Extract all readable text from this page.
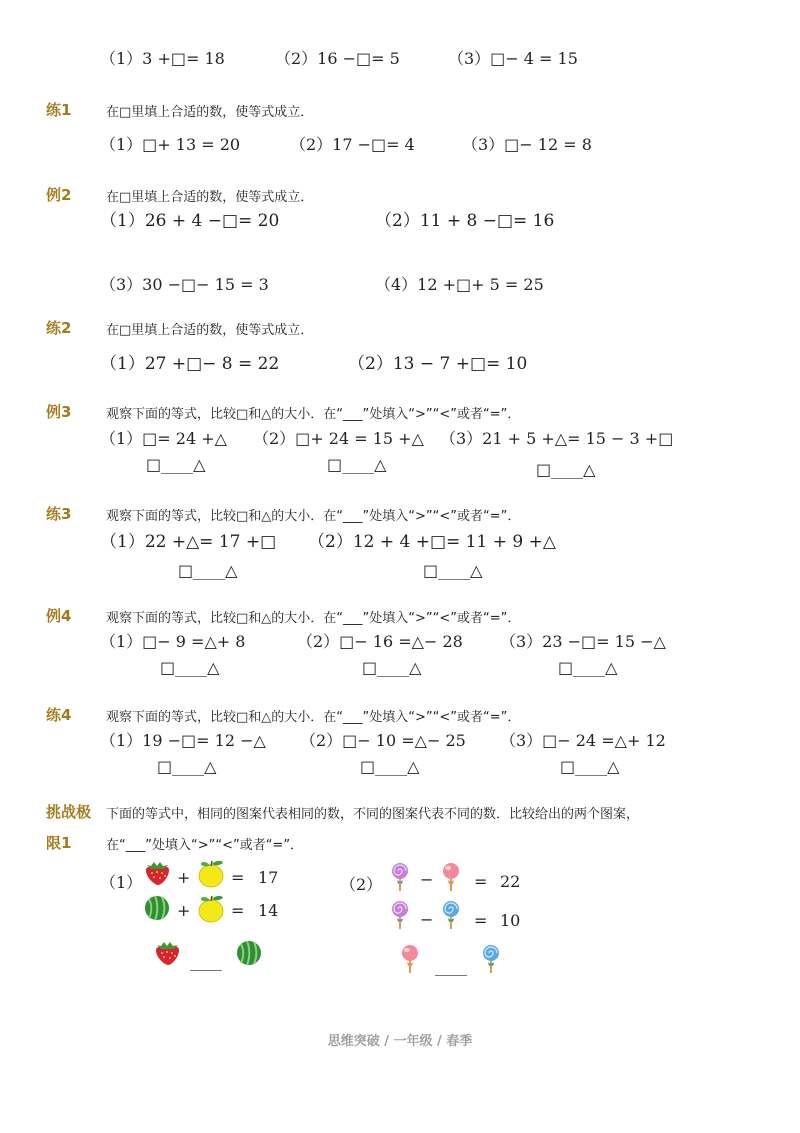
（1）3 +□= 18	（2）16 −□= 5	（3）□− 4 = 15
练1	在□里填上合适的数，使等式成立．
（1）□+ 13 = 20	（2）17 −□= 4	（3）□− 12 = 8
例2	在□里填上合适的数，使等式成立．
（1）26 + 4 −□= 20	（2）11 + 8 −□= 16
（3）30 −□− 15 = 3	（4）12 +□+ 5 = 25
练2	在□里填上合适的数，使等式成立．
（1）27 +□− 8 = 22	（2）13 − 7 +□= 10
例3	观察下面的等式，比较□和△的大小．在“___”处填入“>”“<”或者“=”．
（1）□= 24 +△ （2）□+ 24 = 15 +△ （3）21 + 5 +△= 15 − 3 +□
□____△	□____△	□____△
练3	观察下面的等式，比较□和△的大小．在“___”处填入“>”“<”或者“=”．
（1）22 +△= 17 +□ （2）12 + 4 +□= 11 + 9 +△
□____△	□____△
例4	观察下面的等式，比较□和△的大小．在“___”处填入“>”“<”或者“=”．
（1）□− 9 =△+ 8	（2）□− 16 =△− 28 （3）23 −□= 15 −△
□____△	□____△	□____△
练4	观察下面的等式，比较□和△的大小．在“___”处填入“>”“<”或者“=”．
（1）19 −□= 12 −△ （2）□− 10 =△− 25 （3）□− 24 =△+ 12
□____△	□____△	□____△
挑战极
限1
下面的等式中，相同的图案代表相同的数，不同的图案代表不同的数．比较给出的两个图案，
在“___”处填入“>”“<”或者“=”．
（1） +	= 17
+	= 14
____
（2） −	= 22
−	= 10
____
思维突破 / 一年级 / 春季
